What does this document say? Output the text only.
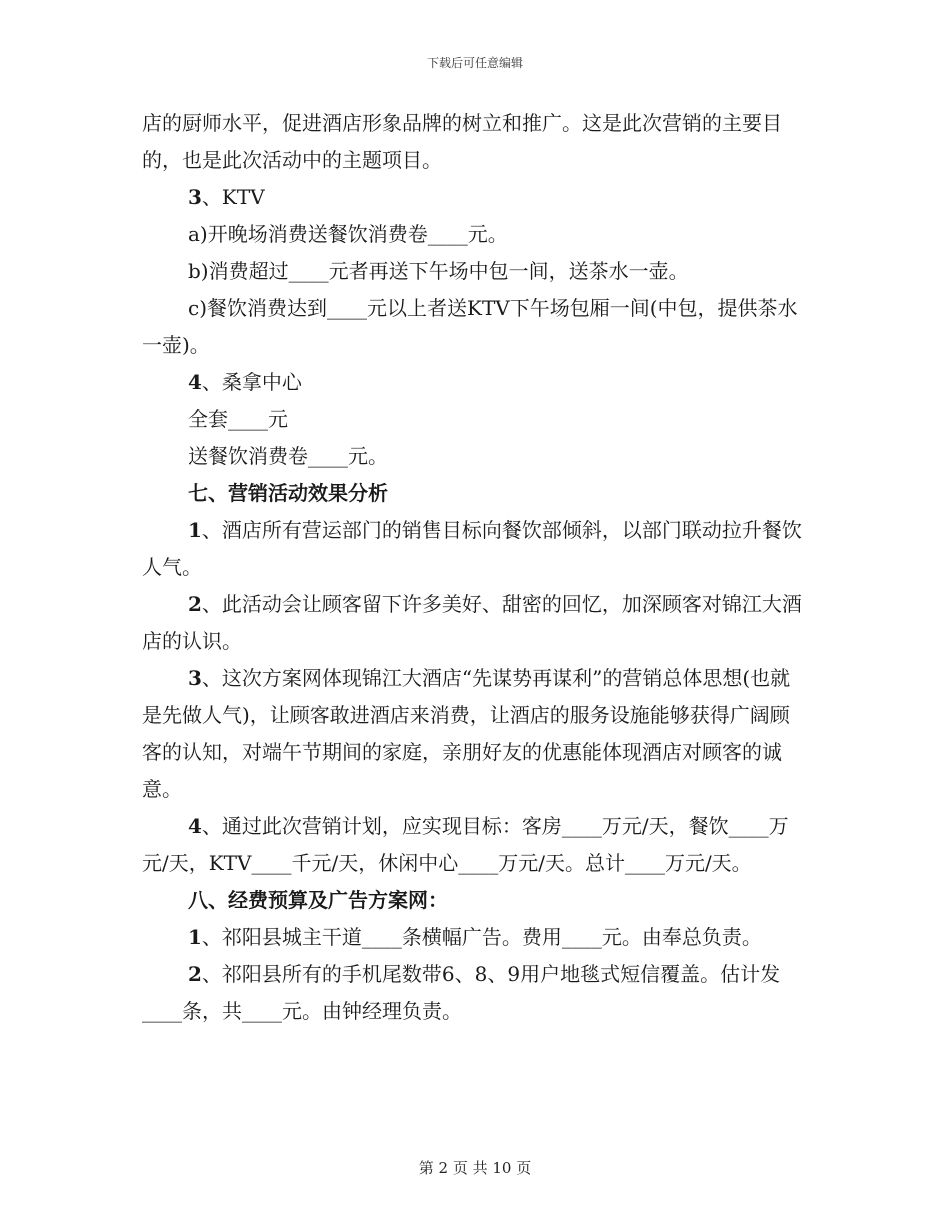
下载后可任意编辑

店的厨师水平，促进酒店形象品牌的树立和推广。这是此次营销的主要目的，也是此次活动中的主题项目。

3、KTV

a)开晚场消费送餐饮消费卷____元。

b)消费超过____元者再送下午场中包一间，送茶水一壶。

c)餐饮消费达到____元以上者送KTV下午场包厢一间(中包，提供茶水一壶)。

4、桑拿中心

全套____元

送餐饮消费卷____元。

七、营销活动效果分析

1、酒店所有营运部门的销售目标向餐饮部倾斜，以部门联动拉升餐饮人气。

2、此活动会让顾客留下许多美好、甜密的回忆，加深顾客对锦江大酒店的认识。

3、这次方案网体现锦江大酒店“先谋势再谋利”的营销总体思想(也就是先做人气)，让顾客敢进酒店来消费，让酒店的服务设施能够获得广阔顾客的认知，对端午节期间的家庭，亲朋好友的优惠能体现酒店对顾客的诚意。

4、通过此次营销计划，应实现目标：客房____万元/天，餐饮____万元/天，KTV____千元/天，休闲中心____万元/天。总计____万元/天。

八、经费预算及广告方案网：

1、祁阳县城主干道____条横幅广告。费用____元。由奉总负责。

2、祁阳县所有的手机尾数带6、8、9用户地毯式短信覆盖。估计发____条，共____元。由钟经理负责。

第 2 页 共 10 页
